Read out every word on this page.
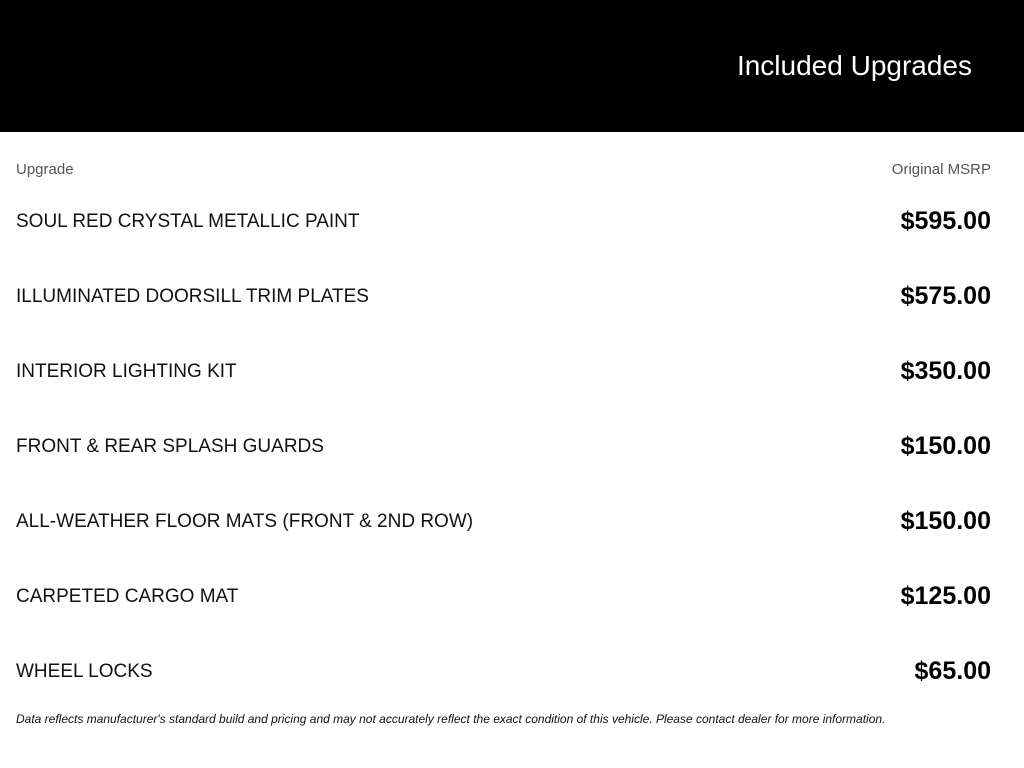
Included Upgrades
Upgrade	Original MSRP
SOUL RED CRYSTAL METALLIC PAINT	$595.00
ILLUMINATED DOORSILL TRIM PLATES	$575.00
INTERIOR LIGHTING KIT	$350.00
FRONT & REAR SPLASH GUARDS	$150.00
ALL-WEATHER FLOOR MATS (FRONT & 2ND ROW)	$150.00
CARPETED CARGO MAT	$125.00
WHEEL LOCKS	$65.00
Data reflects manufacturer's standard build and pricing and may not accurately reflect the exact condition of this vehicle. Please contact dealer for more information.
